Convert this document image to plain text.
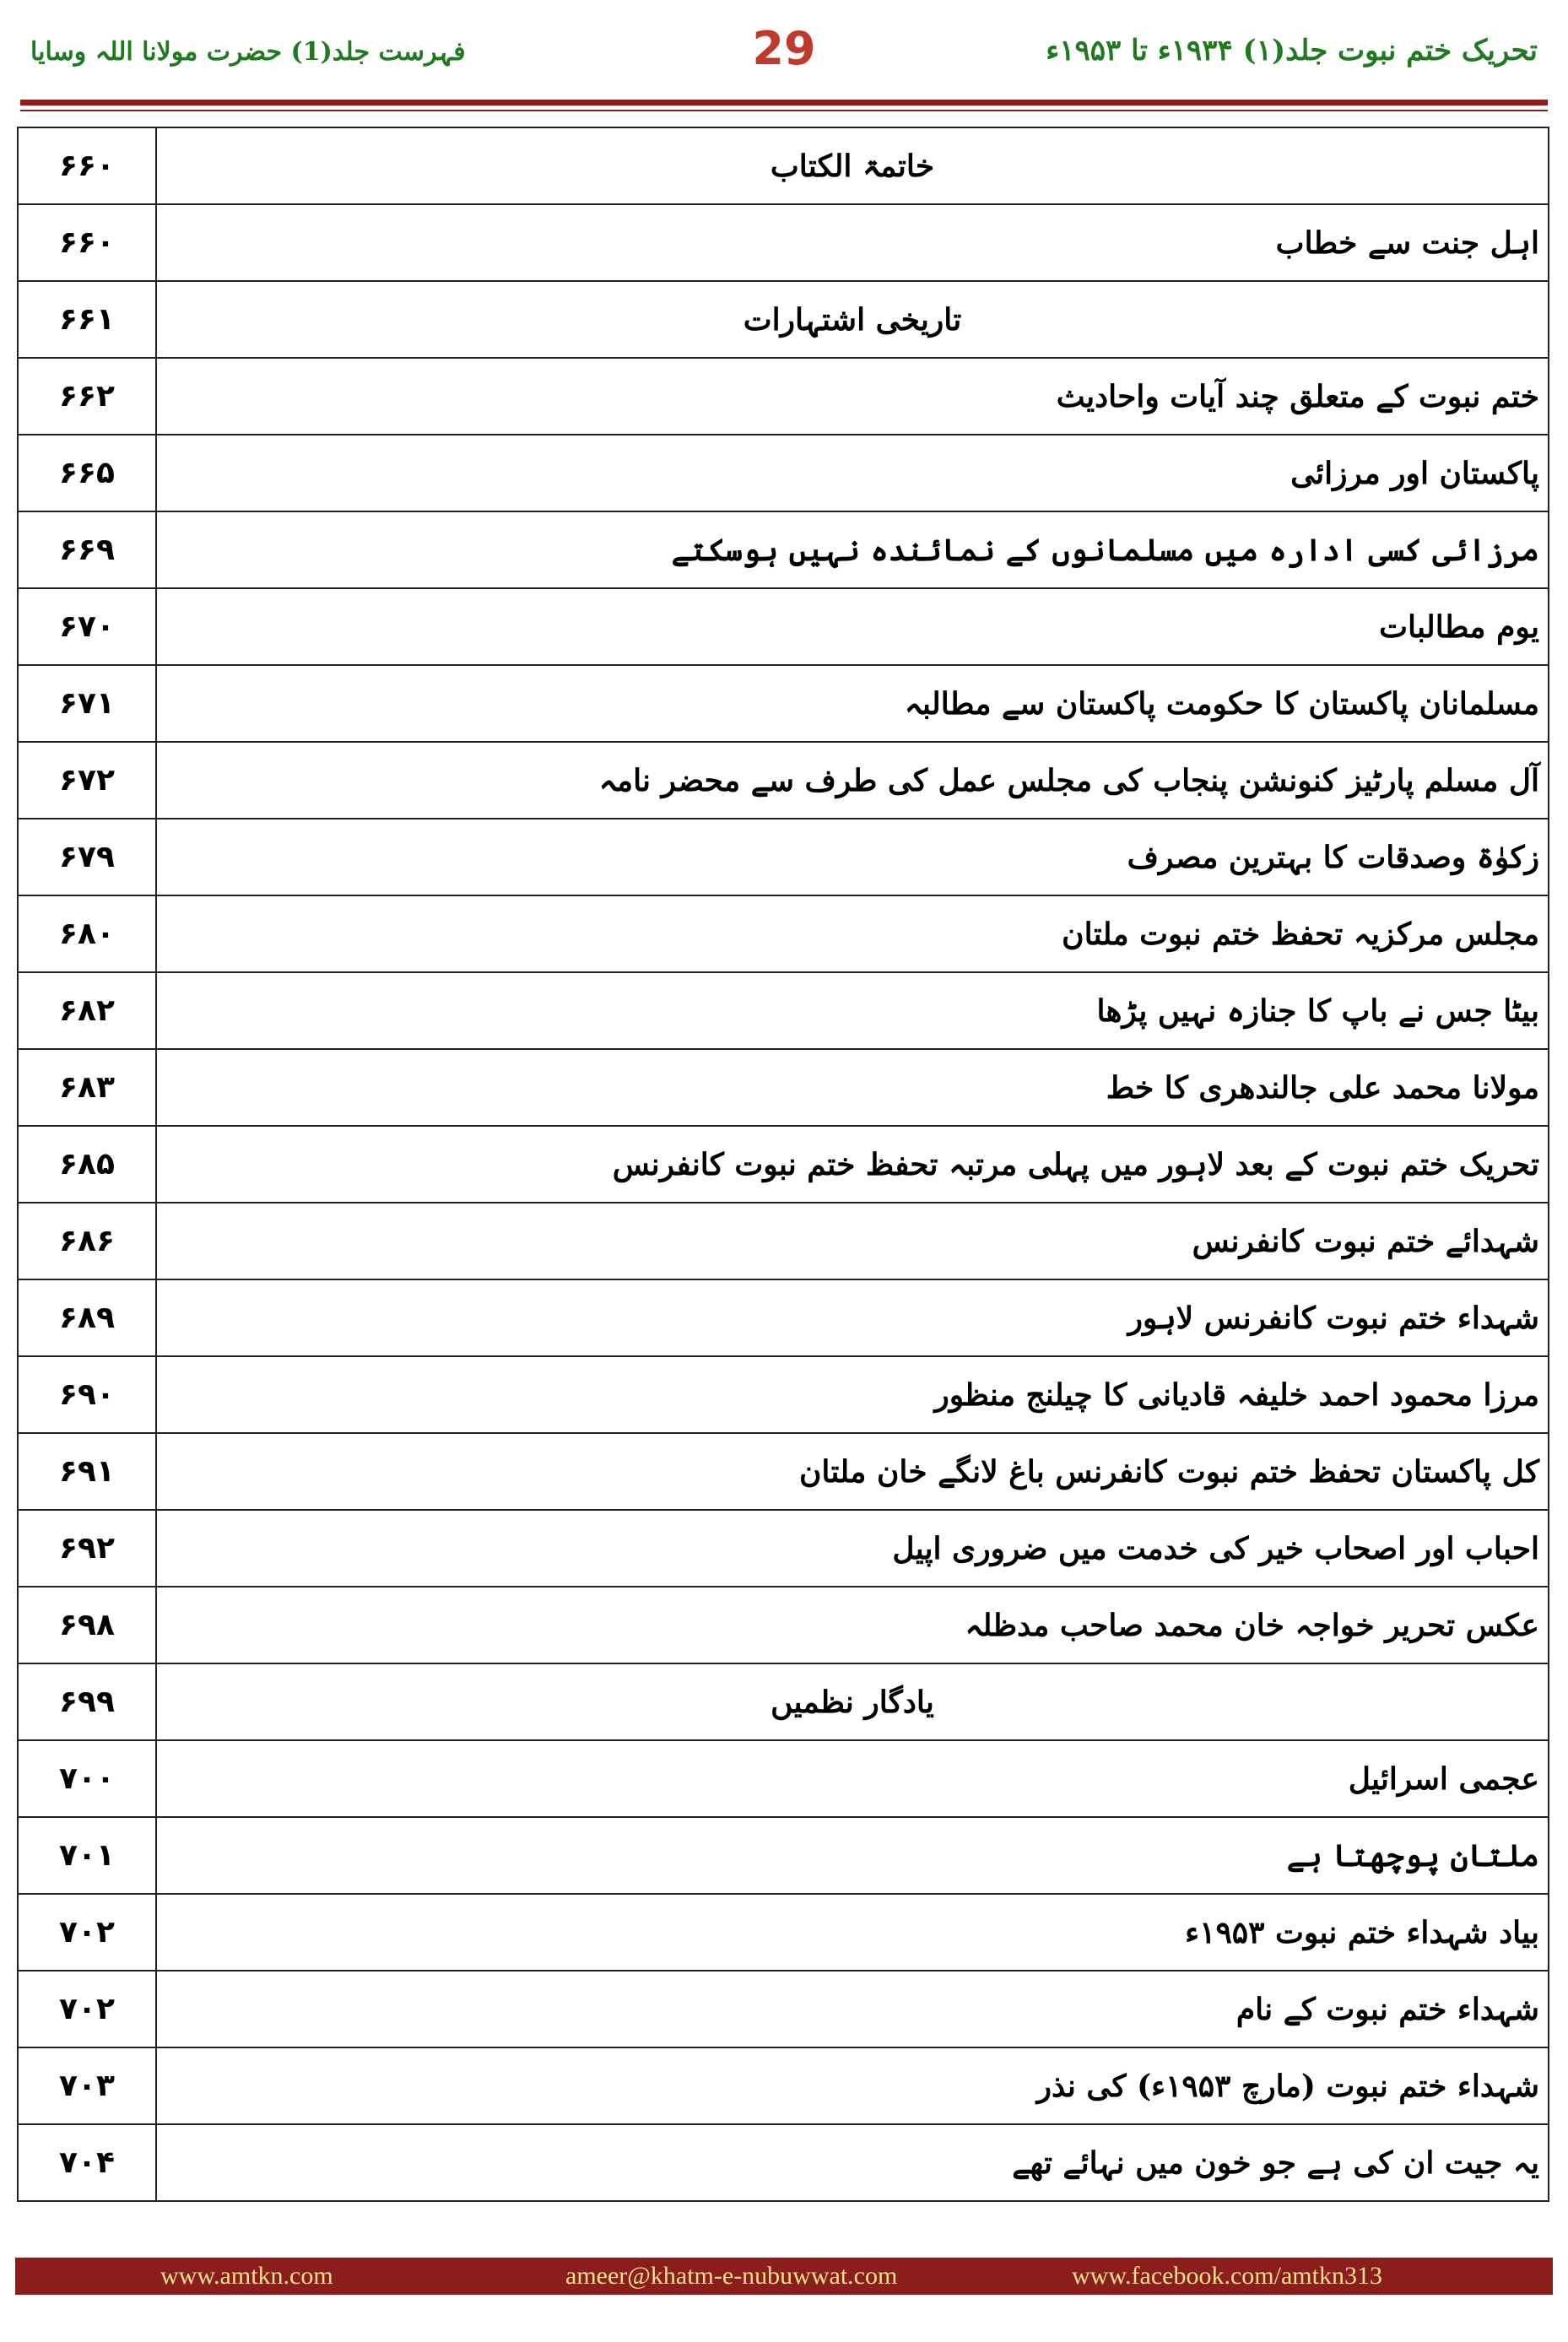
تحریک ختم نبوت جلد(۱) ۱۹۳۴ء تا ۱۹۵۳ء
29
فہرست جلد(1) حضرت مولانا اللہ وسایا
۶۶۰	خاتمۃ الکتاب
۶۶۰	اہل جنت سے خطاب
۶۶۱	تاریخی اشتہارات
۶۶۲	ختم نبوت کے متعلق چند آیات واحادیث
۶۶۵	پاکستان اور مرزائی
۶۶۹	مرزائی کسی ادارہ میں مسلمانوں کے نمائندہ نہیں ہوسکتے
۶۷۰	یوم مطالبات
۶۷۱	مسلمانان پاکستان کا حکومت پاکستان سے مطالبہ
۶۷۲	آل مسلم پارٹیز کنونشن پنجاب کی مجلس عمل کی طرف سے محضر نامہ
۶۷۹	زکوٰۃ وصدقات کا بہترین مصرف
۶۸۰	مجلس مرکزیہ تحفظ ختم نبوت ملتان
۶۸۲	بیٹا جس نے باپ کا جنازہ نہیں پڑھا
۶۸۳	مولانا محمد علی جالندھری کا خط
۶۸۵	تحریک ختم نبوت کے بعد لاہور میں پہلی مرتبہ تحفظ ختم نبوت کانفرنس
۶۸۶	شہدائے ختم نبوت کانفرنس
۶۸۹	شہداء ختم نبوت کانفرنس لاہور
۶۹۰	مرزا محمود احمد خلیفہ قادیانی کا چیلنج منظور
۶۹۱	کل پاکستان تحفظ ختم نبوت کانفرنس باغ لانگے خان ملتان
۶۹۲	احباب اور اصحاب خیر کی خدمت میں ضروری اپیل
۶۹۸	عکس تحریر خواجہ خان محمد صاحب مدظلہ
۶۹۹	یادگار نظمیں
۷۰۰	عجمی اسرائیل
۷۰۱	ملتان پوچھتا ہے
۷۰۲	بیاد شہداء ختم نبوت ۱۹۵۳ء
۷۰۲	شہداء ختم نبوت کے نام
۷۰۳	شہداء ختم نبوت (مارچ ۱۹۵۳ء) کی نذر
۷۰۴	یہ جیت ان کی ہے جو خون میں نہائے تھے
www.amtkn.com	ameer@khatm-e-nubuwwat.com	www.facebook.com/amtkn313
